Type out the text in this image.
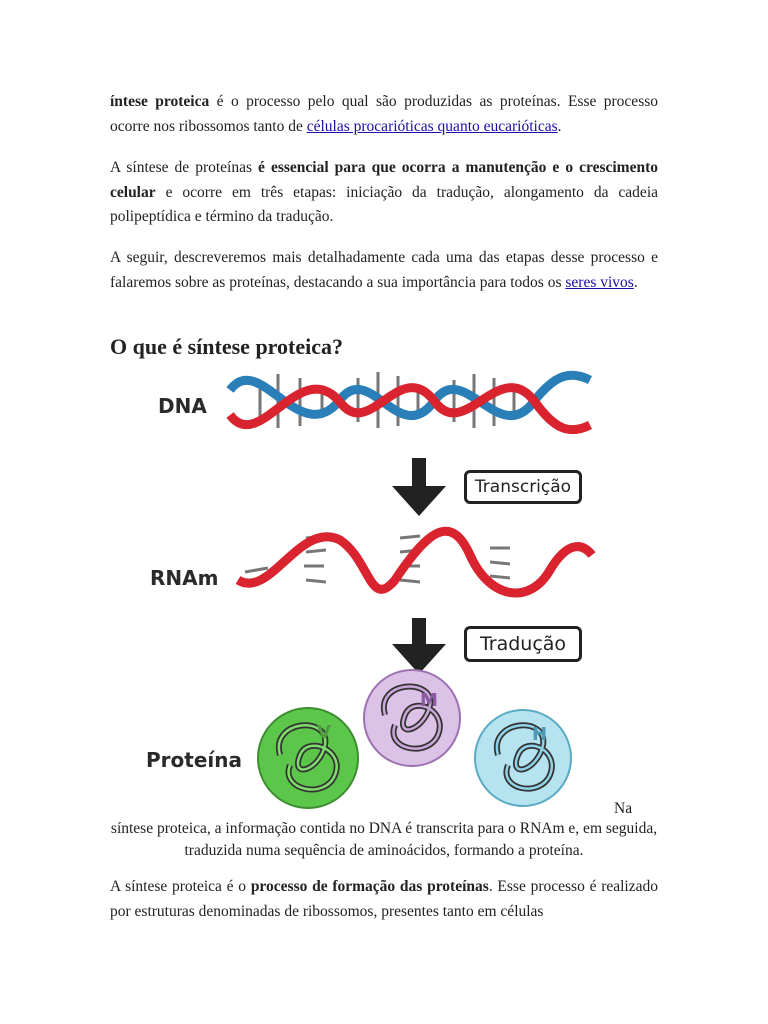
íntese proteica é o processo pelo qual são produzidas as proteínas. Esse processo ocorre nos ribossomos tanto de células procarióticas quanto eucarióticas.

A síntese de proteínas é essencial para que ocorra a manutenção e o crescimento celular e ocorre em três etapas: iniciação da tradução, alongamento da cadeia polipeptídica e término da tradução.

A seguir, descreveremos mais detalhadamente cada uma das etapas desse processo e falaremos sobre as proteínas, destacando a sua importância para todos os seres vivos.

O que é síntese proteica?

A síntese proteica é o processo de formação das proteínas. Esse processo é realizado por estruturas denominadas de ribossomos, presentes tanto em células

DNA
RNAm
Proteína
Transcrição
Tradução
V
M
H
Na
síntese proteica, a informação contida no DNA é transcrita para o RNAm e, em seguida, traduzida numa sequência de aminoácidos, formando a proteína.
